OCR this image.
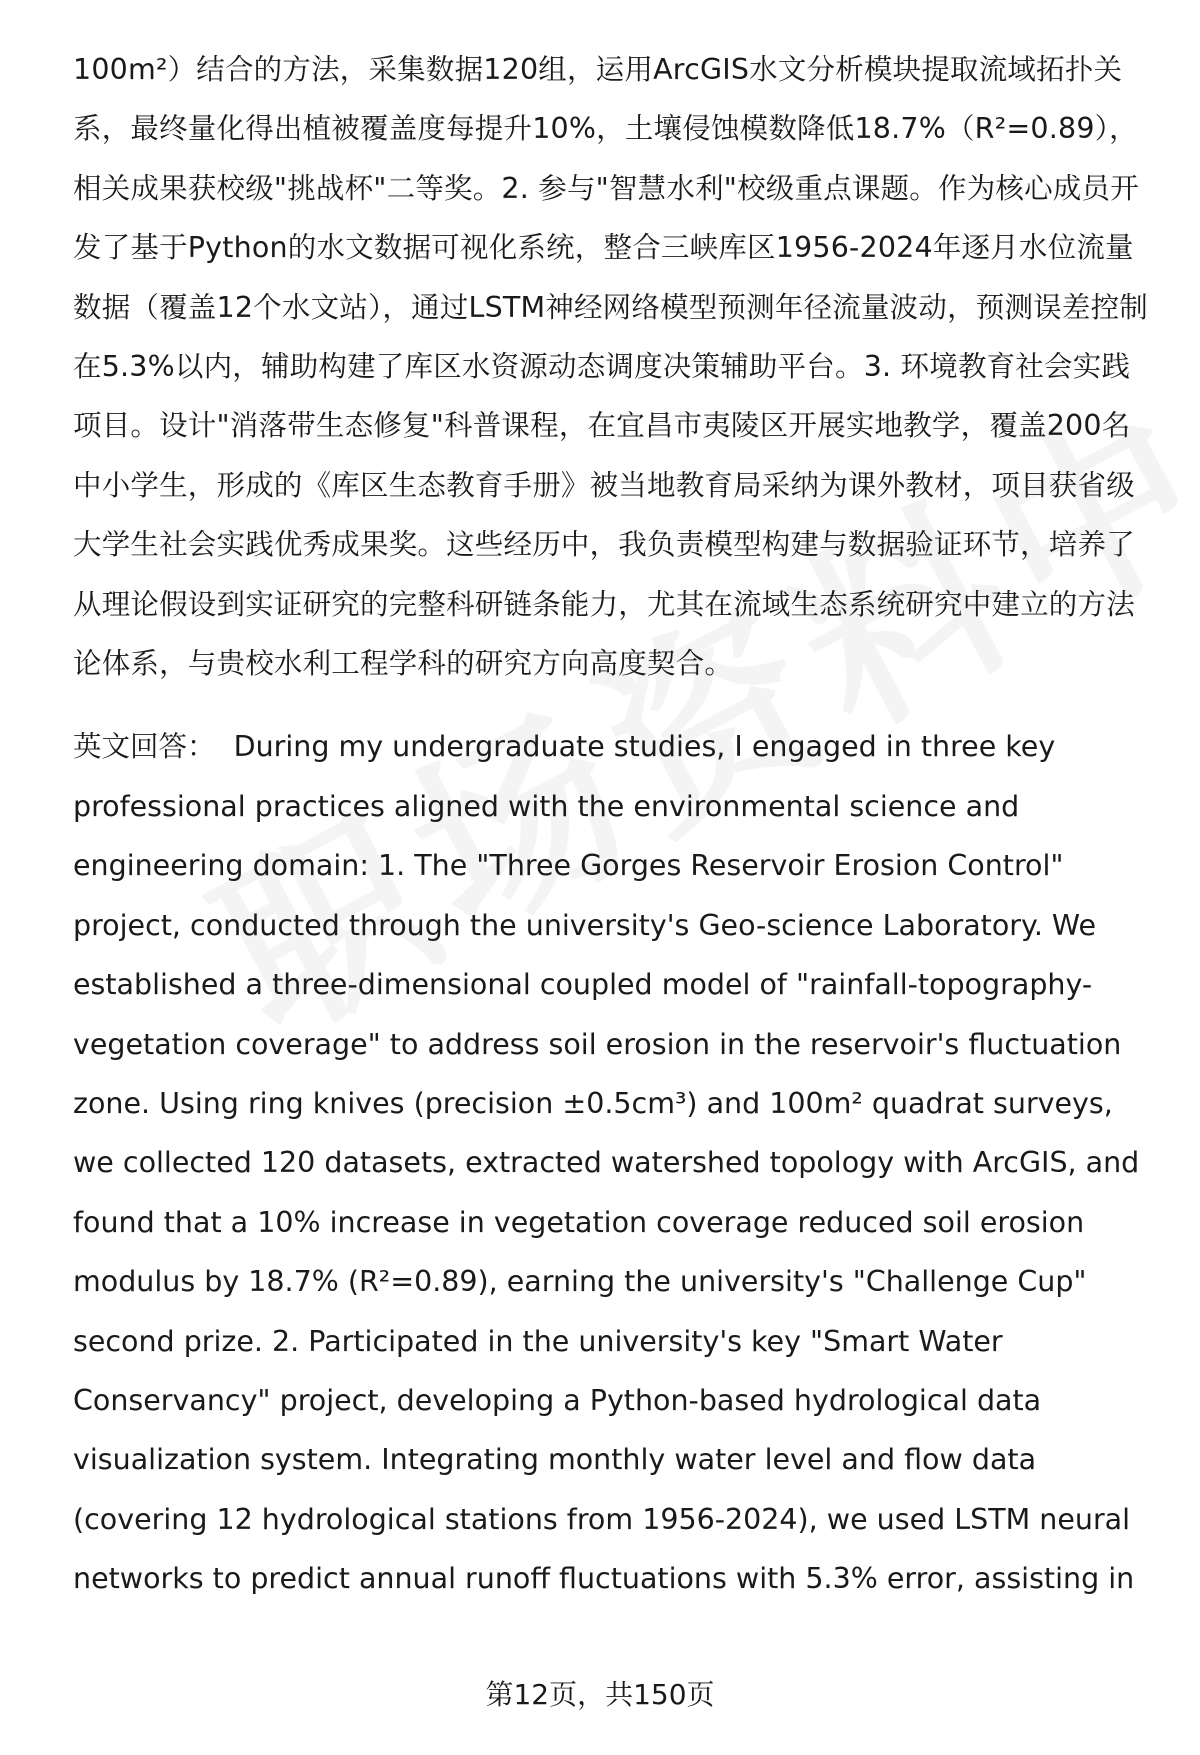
100m²）结合的方法，采集数据120组，运用ArcGIS水文分析模块提取流域拓扑关系，最终量化得出植被覆盖度每提升10%，土壤侵蚀模数降低18.7%（R²=0.89），相关成果获校级"挑战杯"二等奖。2. 参与"智慧水利"校级重点课题。作为核心成员开发了基于Python的水文数据可视化系统，整合三峡库区1956-2024年逐月水位流量数据（覆盖12个水文站），通过LSTM神经网络模型预测年径流量波动，预测误差控制在5.3%以内，辅助构建了库区水资源动态调度决策辅助平台。3. 环境教育社会实践项目。设计"消落带生态修复"科普课程，在宜昌市夷陵区开展实地教学，覆盖200名中小学生，形成的《库区生态教育手册》被当地教育局采纳为课外教材，项目获省级大学生社会实践优秀成果奖。这些经历中，我负责模型构建与数据验证环节，培养了从理论假设到实证研究的完整科研链条能力，尤其在流域生态系统研究中建立的方法论体系，与贵校水利工程学科的研究方向高度契合。

英文回答： During my undergraduate studies, I engaged in three key professional practices aligned with the environmental science and engineering domain: 1. The "Three Gorges Reservoir Erosion Control" project, conducted through the university's Geo-science Laboratory. We established a three-dimensional coupled model of "rainfall-topography-vegetation coverage" to address soil erosion in the reservoir's fluctuation zone. Using ring knives (precision ±0.5cm³) and 100m² quadrat surveys, we collected 120 datasets, extracted watershed topology with ArcGIS, and found that a 10% increase in vegetation coverage reduced soil erosion modulus by 18.7% (R²=0.89), earning the university's "Challenge Cup" second prize. 2. Participated in the university's key "Smart Water Conservancy" project, developing a Python-based hydrological data visualization system. Integrating monthly water level and flow data (covering 12 hydrological stations from 1956-2024), we used LSTM neural networks to predict annual runoff fluctuations with 5.3% error, assisting in

第12页，共150页
